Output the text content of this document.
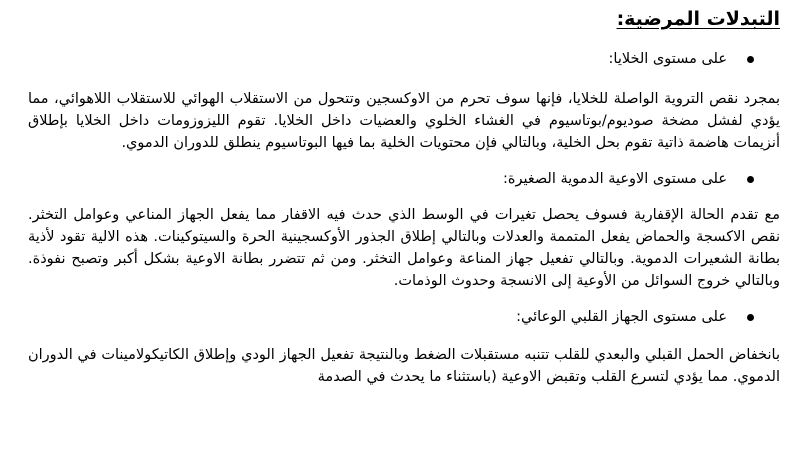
التبدلات المرضية:
على مستوى الخلايا:

بمجرد نقص التروية الواصلة للخلايا، فإنها سوف تحرم من الاوكسجين وتتحول من الاستقلاب الهوائي للاستقلاب اللاهوائي، مما يؤدي لفشل مضخة صوديوم/بوتاسيوم في الغشاء الخلوي والعضيات داخل الخلايا. تقوم الليزوزومات داخل الخلايا بإطلاق أنزيمات هاضمة ذاتية تقوم بحل الخلية، وبالتالي فإن محتويات الخلية بما فيها البوتاسيوم ينطلق للدوران الدموي.

على مستوى الاوعية الدموية الصغيرة:

مع تقدم الحالة الإقفارية فسوف يحصل تغيرات في الوسط الذي حدث فيه الاقفار مما يفعل الجهاز المناعي وعوامل التخثر. نقص الاكسجة والحماض يفعل المتممة والعدلات وبالتالي إطلاق الجذور الأوكسجينية الحرة والسيتوكينات. هذه الالية تقود لأذية بطانة الشعيرات الدموية. وبالتالي تفعيل جهاز المناعة وعوامل التخثر. ومن ثم تتضرر بطانة الاوعية بشكل أكبر وتصبح نفوذة. وبالتالي خروج السوائل من الأوعية إلى الانسجة وحدوث الوذمات.

على مستوى الجهاز القلبي الوعائي:

بانخفاض الحمل القبلي والبعدي للقلب تتنبه مستقبلات الضغط وبالنتيجة تفعيل الجهاز الودي وإطلاق الكاتيكولامينات في الدوران الدموي. مما يؤدي لتسرع القلب وتقبض الاوعية (باستثناء ما يحدث في الصدمة
